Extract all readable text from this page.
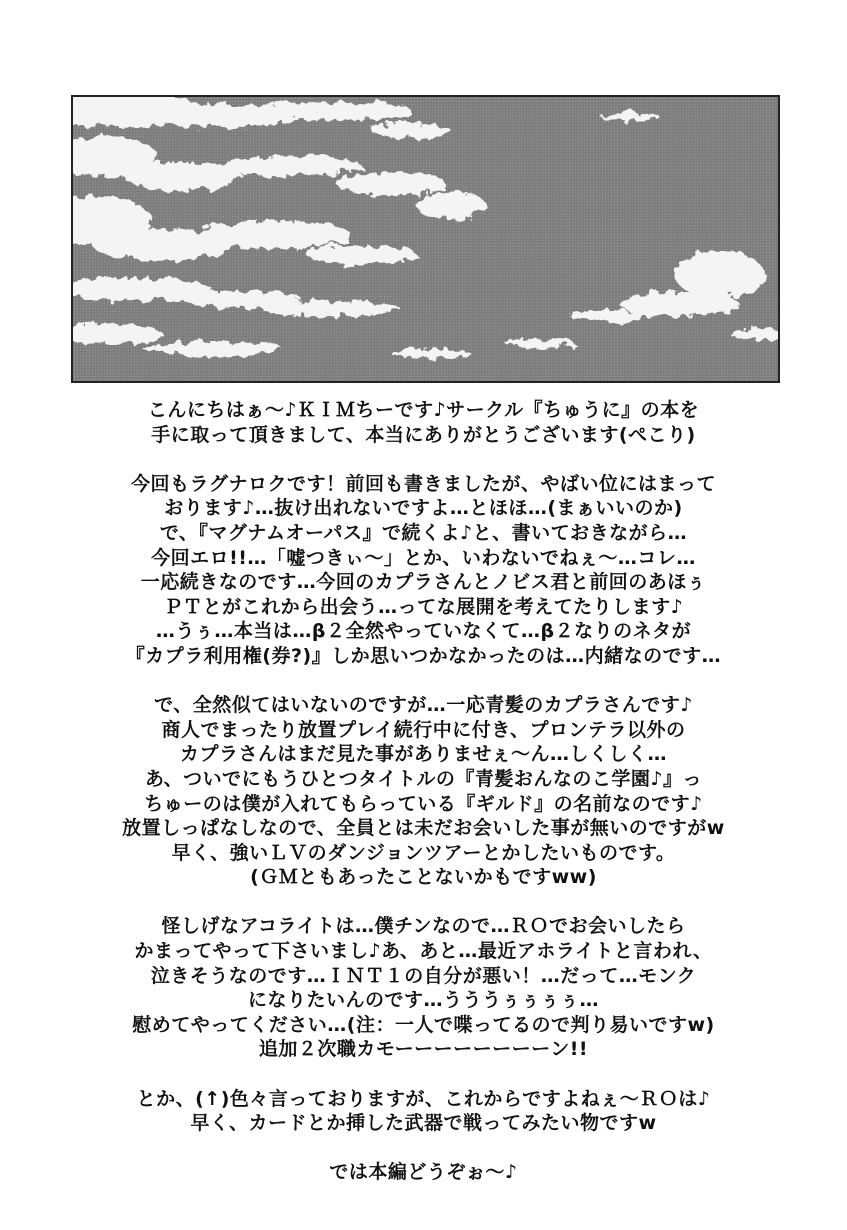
こんにちはぁ～♪ＫＩＭちーです♪サークル『ちゅうに』の本を
手に取って頂きまして、本当にありがとうございます(ぺこり)
今回もラグナロクです！前回も書きましたが、やばい位にはまって
おります♪…抜け出れないですよ…とほほ…(まぁいいのか)
で、『マグナムオーパス』で続くよ♪と、書いておきながら…
今回エロ!!…「嘘つきぃ～」とか、いわないでねぇ～…コレ…
一応続きなのです…今回のカプラさんとノビス君と前回のあほぅ
ＰＴとがこれから出会う…ってな展開を考えてたりします♪
…うぅ…本当は…β２全然やっていなくて…β２なりのネタが
『カプラ利用権(券?)』しか思いつかなかったのは…内緒なのです…
で、全然似てはいないのですが…一応青髪のカプラさんです♪
商人でまったり放置プレイ続行中に付き、プロンテラ以外の
カプラさんはまだ見た事がありませぇ～ん…しくしく…
あ、ついでにもうひとつタイトルの『青髪おんなのこ学園♪』っ
ちゅーのは僕が入れてもらっている『ギルド』の名前なのです♪
放置しっぱなしなので、全員とは未だお会いした事が無いのですがw
早く、強いＬＶのダンジョンツアーとかしたいものです。
(ＧＭともあったことないかもですww)
怪しげなアコライトは…僕チンなので…ＲＯでお会いしたら
かまってやって下さいまし♪あ、あと…最近アホライトと言われ、
泣きそうなのです…ＩＮＴ１の自分が悪い！…だって…モンク
になりたいんのです…うううぅぅぅぅ…
慰めてやってください…(注：一人で喋ってるので判り易いですw)
追加２次職カモーーーーーーーーン!!
とか、(↑)色々言っておりますが、これからですよねぇ～ＲＯは♪
早く、カードとか挿した武器で戦ってみたい物ですw
では本編どうぞぉ～♪
